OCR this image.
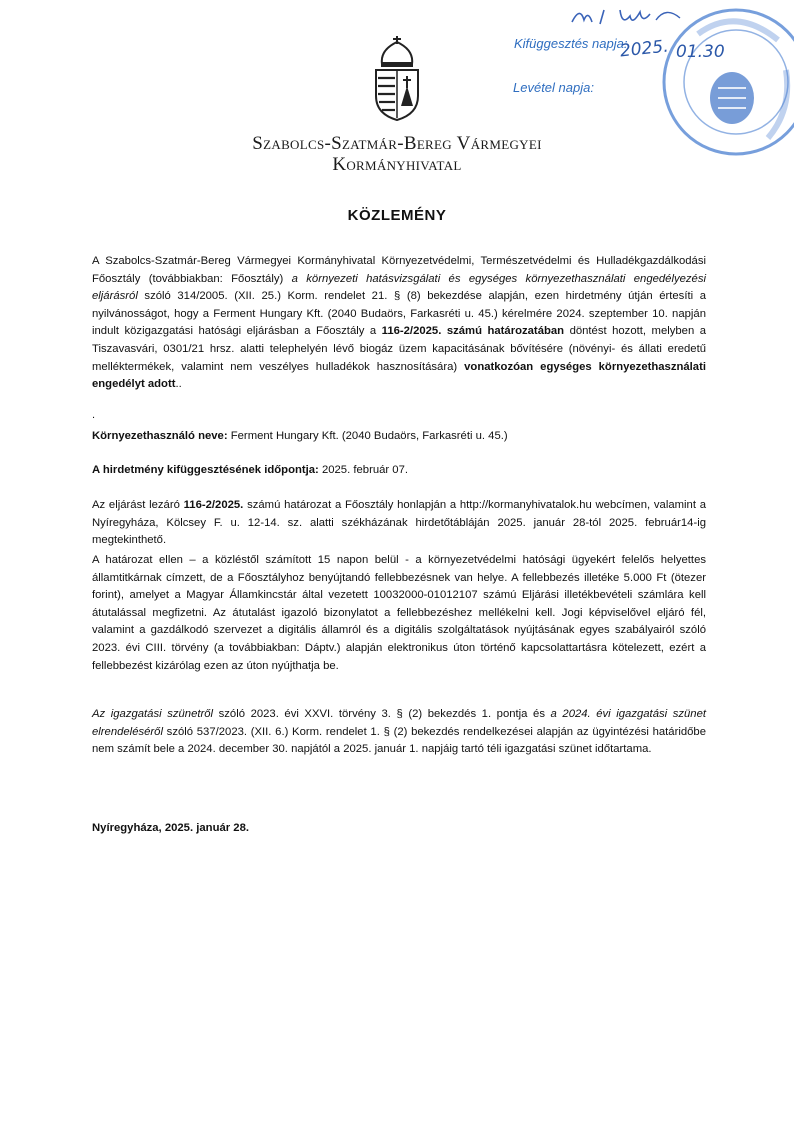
Szabolcs-Szatmár-Bereg Vármegyei
Kormányhivatal
Kifüggesztés napja:
2025. 01.30
Levétel napja:
KÖZLEMÉNY
A Szabolcs-Szatmár-Bereg Vármegyei Kormányhivatal Környezetvédelmi, Természetvédelmi és Hulladékgazdálkodási Főosztály (továbbiakban: Főosztály) a környezeti hatásvizsgálati és egységes környezethasználati engedélyezési eljárásról szóló 314/2005. (XII. 25.) Korm. rendelet 21. § (8) bekezdése alapján, ezen hirdetmény útján értesíti a nyilvánosságot, hogy a Ferment Hungary Kft. (2040 Budaörs, Farkasréti u. 45.) kérelmére 2024. szeptember 10. napján indult közigazgatási hatósági eljárásban a Főosztály a 116-2/2025. számú határozatában döntést hozott, melyben a Tiszavasvári, 0301/21 hrsz. alatti telephelyén lévő biogáz üzem kapacitásának bővítésére (növényi- és állati eredetű melléktermékek, valamint nem veszélyes hulladékok hasznosítására) vonatkozóan egységes környezethasználati engedélyt adott..
.
Környezethasználó neve: Ferment Hungary Kft. (2040 Budaörs, Farkasréti u. 45.)
A hirdetmény kifüggesztésének időpontja: 2025. február 07.
Az eljárást lezáró 116-2/2025. számú határozat a Főosztály honlapján a http://kormanyhivatalok.hu webcímen, valamint a Nyíregyháza, Kölcsey F. u. 12-14. sz. alatti székházának hirdetőtábláján 2025. január 28-tól 2025. február14-ig megtekinthető.
A határozat ellen – a közléstől számított 15 napon belül - a környezetvédelmi hatósági ügyekért felelős helyettes államtitkárnak címzett, de a Főosztályhoz benyújtandó fellebbezésnek van helye. A fellebbezés illetéke 5.000 Ft (ötezer forint), amelyet a Magyar Államkincstár által vezetett 10032000-01012107 számú Eljárási illetékbevételi számlára kell átutalással megfizetni. Az átutalást igazoló bizonylatot a fellebbezéshez mellékelni kell. Jogi képviselővel eljáró fél, valamint a gazdálkodó szervezet a digitális államról és a digitális szolgáltatások nyújtásának egyes szabályairól szóló 2023. évi CIII. törvény (a továbbiakban: Dáptv.) alapján elektronikus úton történő kapcsolattartásra kötelezett, ezért a fellebbezést kizárólag ezen az úton nyújthatja be.
Az igazgatási szünetről szóló 2023. évi XXVI. törvény 3. § (2) bekezdés 1. pontja és a 2024. évi igazgatási szünet elrendeléséről szóló 537/2023. (XII. 6.) Korm. rendelet 1. § (2) bekezdés rendelkezései alapján az ügyintézési határidőbe nem számít bele a 2024. december 30. napjától a 2025. január 1. napjáig tartó téli igazgatási szünet időtartama.
Nyíregyháza, 2025. január 28.
